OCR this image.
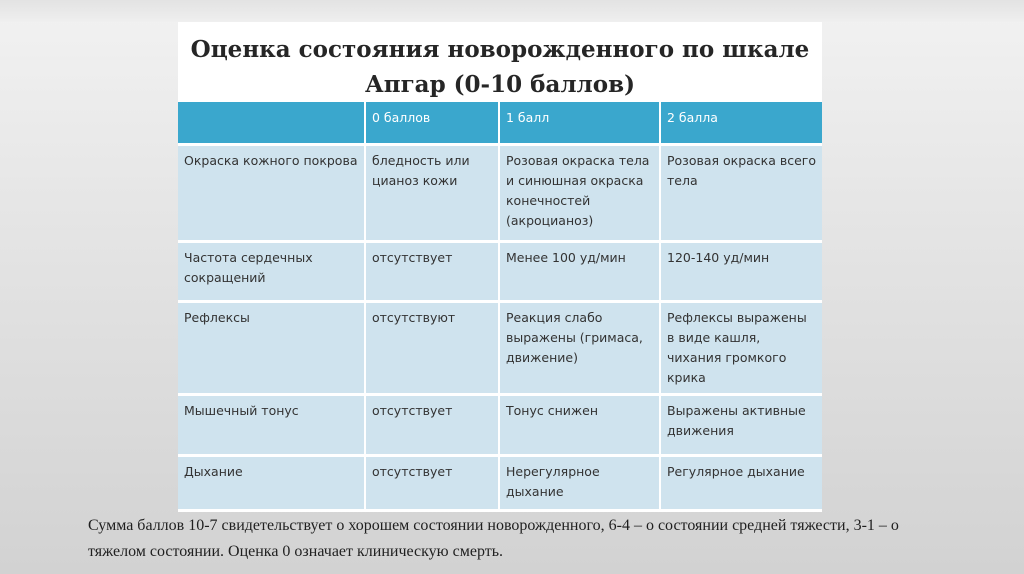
Оценка состояния новорожденного по шкале
Апгар (0-10 баллов)
	0 баллов	1 балл	2 балла
Окраска кожного покрова	бледность или цианоз кожи	Розовая окраска тела и синюшная окраска конечностей (акроцианоз)	Розовая окраска всего тела
Частота сердечных сокращений	отсутствует	Менее 100 уд/мин	120-140 уд/мин
Рефлексы	отсутствуют	Реакция слабо выражены (гримаса, движение)	Рефлексы выражены в виде кашля, чихания громкого крика
Мышечный тонус	отсутствует	Тонус снижен	Выражены активные движения
Дыхание	отсутствует	Нерегулярное дыхание	Регулярное дыхание
Сумма баллов 10-7 свидетельствует о хорошем состоянии новорожденного, 6-4 – о состоянии средней тяжести, 3-1 – о тяжелом состоянии. Оценка 0 означает клиническую смерть.
